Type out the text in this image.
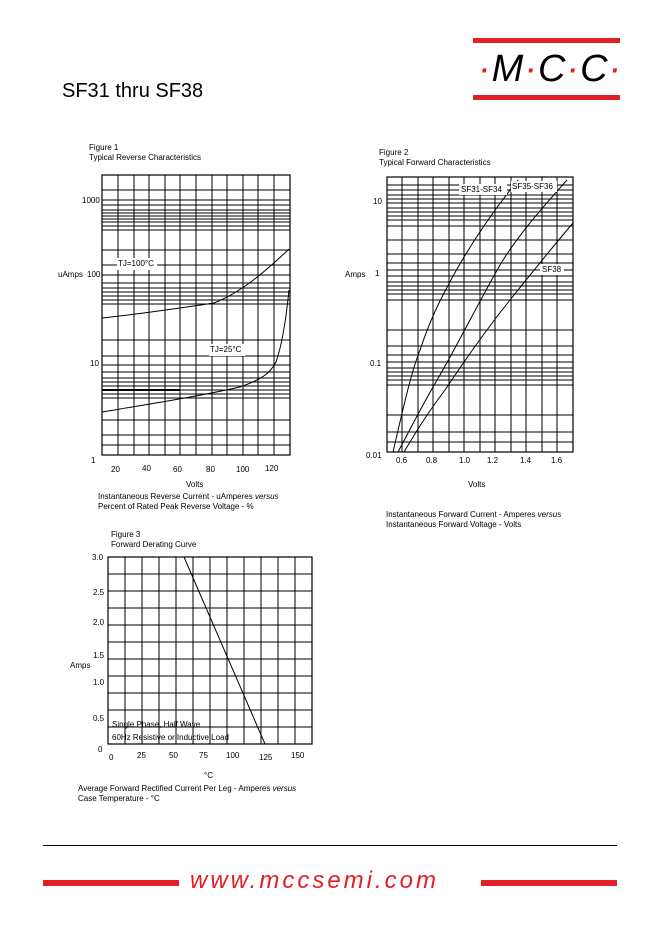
·M·C·C·
SF31 thru SF38
Figure 1
Typical Reverse Characteristics
1000
100
10
1
uAmps
20	40	60	80	100 120
Volts
TJ=100°C
TJ=25°C
Instantaneous Reverse Current - uAmperes versus
Percent of Rated Peak Reverse Voltage - %
Figure 2
Typical Forward Characteristics
10
1
0.1
0.01
Amps
0.6 0.8	1.0 1.2	1.4 1.6
Volts
SF31-SF34 SF35-SF36
SF38
Instantaneous Forward Current - Amperes versus
Instantaneous Forward Voltage - Volts
Figure 3
Forward Derating Curve
3.0
2.5
2.0
1.5
1.0
0.5
0
Amps
0	25	50	75 100 125 150
°C
Single Phase, Half Wave
60Hz Resistive or Inductive Load
Average Forward Rectified Current Per Leg - Amperes versus
Case Temperature - °C
www.mccsemi.com
